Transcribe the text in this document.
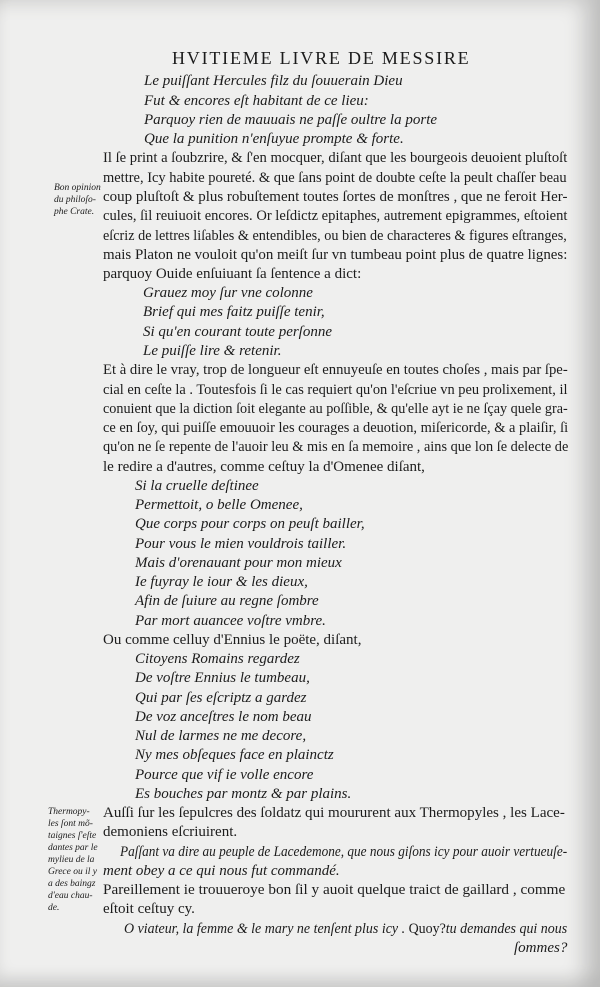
HVITIEME LIVRE DE MESSIRE
Le puiſſant Hercules filz du ſouuerain Dieu
Fut & encores eſt habitant de ce lieu:
Parquoy rien de mauuais ne paſſe oultre la porte
Que la punition n'enſuyue prompte & forte.
Il ſe print a ſoubzrire, & ſ'en mocquer, diſant que les bourgeois deuoient pluſtoſt
mettre, Icy habite poureté. & que ſans point de doubte ceſte la peult chaſſer beau
coup pluſtoſt & plus robuſtement toutes ſortes de monſtres , que ne feroit Her-
cules, ſil reuiuoit encores. Or leſdictz epitaphes, autrement epigrammes, eſtoient
eſcriz de lettres liſables & entendibles, ou bien de characteres & figures eſtranges,
mais Platon ne vouloit qu'on meiſt ſur vn tumbeau point plus de quatre lignes:
parquoy Ouide enſuiuant ſa ſentence a dict:
Bon opinion
du philoſo-
phe Crate.
Grauez moy ſur vne colonne
Brief qui mes faitz puiſſe tenir,
Si qu'en courant toute perſonne
Le puiſſe lire & retenir.
Et à dire le vray, trop de longueur eſt ennuyeuſe en toutes choſes , mais par ſpe-
cial en ceſte la . Toutesfois ſi le cas requiert qu'on l'eſcriue vn peu prolixement, il
conuient que la diction ſoit elegante au poſſible, & qu'elle ayt ie ne ſçay quele gra-
ce en ſoy, qui puiſſe emouuoir les courages a deuotion, miſericorde, & a plaiſir, ſi
qu'on ne ſe repente de l'auoir leu & mis en ſa memoire , ains que lon ſe delecte de
le redire a d'autres, comme ceſtuy la d'Omenee diſant,
Si la cruelle deſtinee
Permettoit, o belle Omenee,
Que corps pour corps on peuſt bailler,
Pour vous le mien vouldrois tailler.
Mais d'orenauant pour mon mieux
Ie fuyray le iour & les dieux,
Afin de ſuiure au regne ſombre
Par mort auancee voſtre vmbre.
Ou comme celluy d'Ennius le poëte, diſant,
Citoyens Romains regardez
De voſtre Ennius le tumbeau,
Qui par ſes eſcriptz a gardez
De voz anceſtres le nom beau
Nul de larmes ne me decore,
Ny mes obſeques face en plainctz
Pource que vif ie volle encore
Es bouches par montz & par plains.
Auſſi ſur les ſepulcres des ſoldatz qui moururent aux Thermopyles , les Lace-
demoniens eſcriuirent.
Thermopy-
les ſont mõ-
taignes ſ'eſte
dantes par le
mylieu de la
Grece ou il y
a des baingz
d'eau chau-
de.
Paſſant va dire au peuple de Lacedemone, que nous giſons icy pour auoir vertueuſe-
ment obey a ce qui nous fut commandé.
Pareillement ie trouueroye bon ſil y auoit quelque traict de gaillard , comme
eſtoit ceſtuy cy.
O viateur, la femme & le mary ne tenſent plus icy . Quoy?tu demandes qui nous
ſommes?
